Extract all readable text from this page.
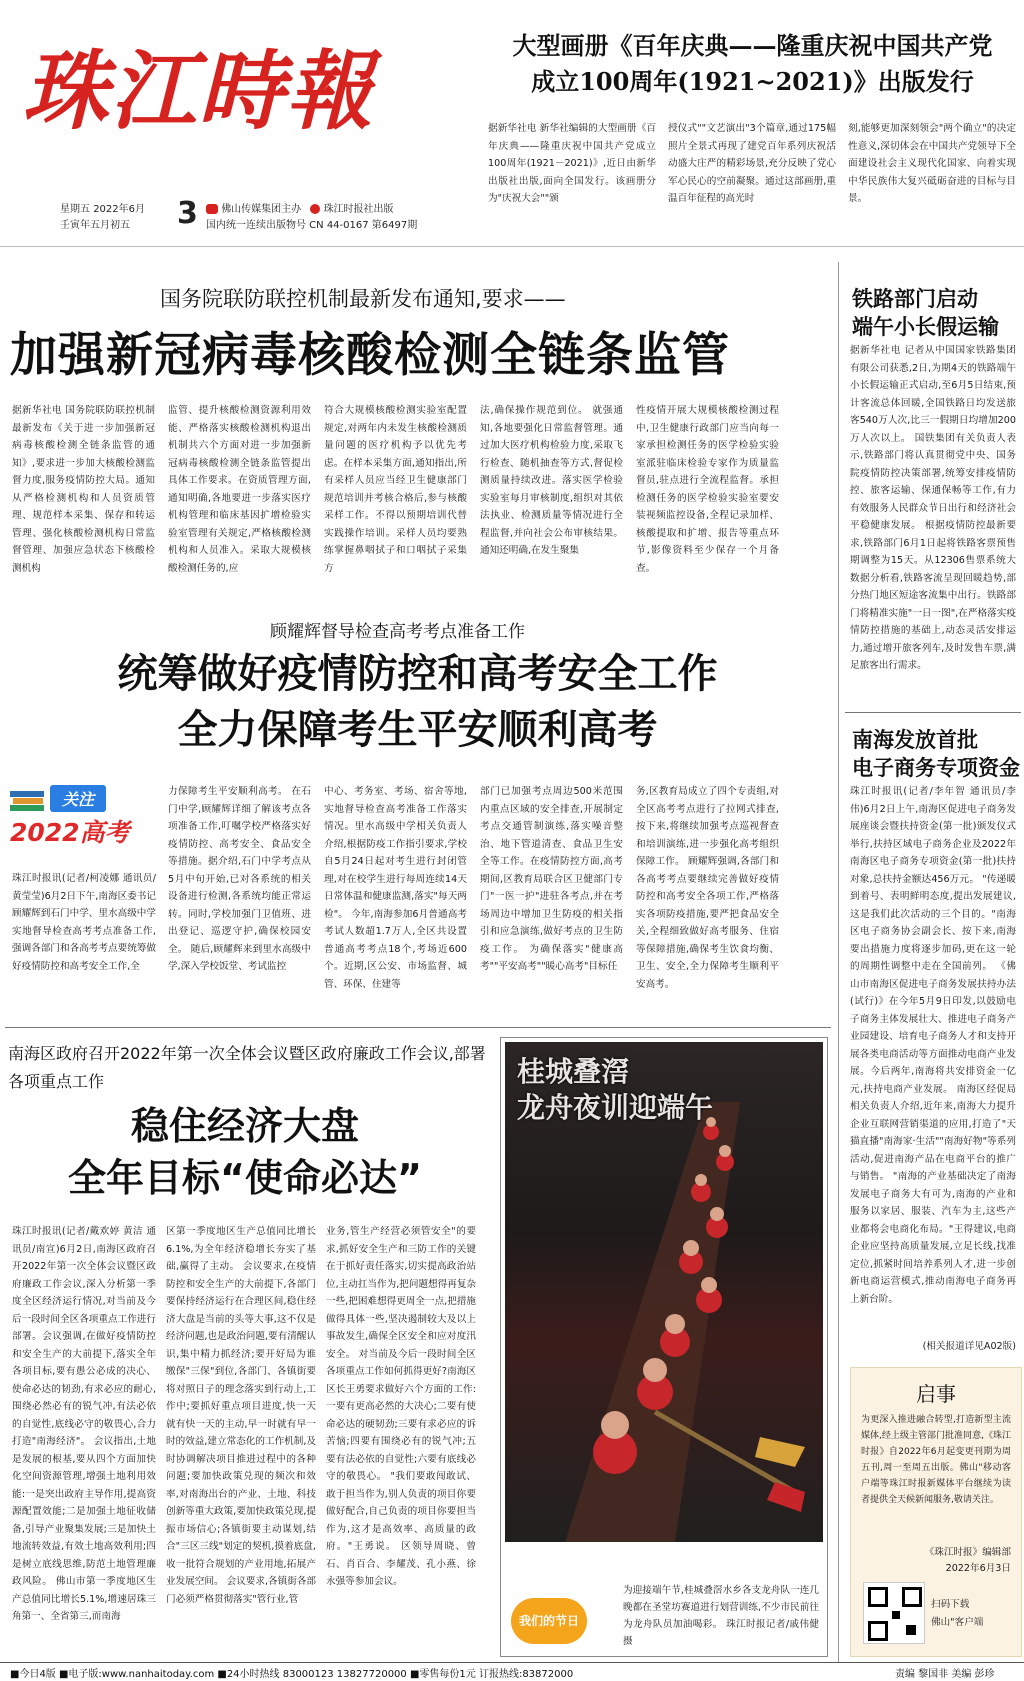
珠江時報
星期五 2022年6月
壬寅年五月初五 3	佛山传媒集团主办 珠江时报社出版
国内统一连续出版物号 CN 44-0167 第6497期
大型画册《百年庆典——隆重庆祝中国共产党
成立100周年(1921~2021)》出版发行
据新华社电 新华社编辑的大型画册《百年庆典——隆重庆祝中国共产党成立100周年(1921－2021)》,近日由新华出版社出版,面向全国发行。该画册分为"庆祝大会""颁
授仪式""文艺演出"3个篇章,通过175幅照片全景式再现了建党百年系列庆祝活动盛大庄严的精彩场景,充分反映了党心军心民心的空前凝聚。通过这部画册,重温百年征程的高光时
刻,能够更加深刻领会"两个确立"的决定性意义,深切体会在中国共产党领导下全面建设社会主义现代化国家、向着实现中华民族伟大复兴砥砺奋进的目标与目景。
国务院联防联控机制最新发布通知,要求——
加强新冠病毒核酸检测全链条监管
据新华社电 国务院联防联控机制最新发布《关于进一步加强新冠病毒核酸检测全链条监管的通知》,要求进一步加大核酸检测监督力度,服务疫情防控大局。通知从严格检测机构和人员资质管理、规范样本采集、保存和转运管理、强化核酸检测机构日常监督管理、加强应急状态下核酸检测机构
监管、提升核酸检测资源利用效能、严格落实核酸检测机构退出机制共六个方面对进一步加强新冠病毒核酸检测全链条监管提出具体工作要求。在资质管理方面,通知明确,各地要进一步落实医疗机构管理和临床基因扩增检验实验室管理有关规定,严格核酸检测机构和人员准入。采取大规模核酸检测任务的,应
符合大规模核酸检测实验室配置规定,对两年内未发生核酸检测质量问题的医疗机构予以优先考虑。在样本采集方面,通知指出,所有采样人员应当经卫生健康部门规范培训并考核合格后,参与核酸采样工作。不得以预期培训代替实践操作培训。采样人员均要熟练掌握鼻咽拭子和口咽拭子采集方
法,确保操作规范到位。 就强通知,各地要强化日常监督管理。通过加大医疗机构检验力度,采取飞行检查、随机抽查等方式,督促检测质量持续改进。落实医学检验实验室每月审核制度,组织对其依法执业、检测质量等情况进行全程监督,并向社会公布审核结果。 通知还明确,在发生聚集
性疫情开展大规模核酸检测过程中,卫生健康行政部门应当向每一家承担检测任务的医学检验实验室派驻临床检验专家作为质量监督员,驻点进行全流程监督。承担检测任务的医学检验实验室要安装视频监控设备,全程记录加样、核酸提取和扩增、报告等重点环节,影像资料至少保存一个月备查。
铁路部门启动
端午小长假运输
据新华社电 记者从中国国家铁路集团有限公司获悉,2日,为期4天的铁路端午小长假运输正式启动,至6月5日结束,预计客流总体回暖,全国铁路日均发送旅客540万人次,比三一假期日均增加200万人次以上。 国铁集团有关负责人表示,铁路部门将认真贯彻党中央、国务院疫情防控决策部署,统筹安排疫情防控、旅客运输、保通保畅等工作,有力有效服务人民群众节日出行和经济社会平稳健康发展。 根据疫情防控最新要求,铁路部门6月1日起将铁路客票预售期调整为15天。从12306售票系统大数据分析看,铁路客流呈现回暖趋势,部分热门地区短途客流集中出行。铁路部门将精准实施"一日一图",在严格落实疫情防控措施的基础上,动态灵活安排运力,通过增开旅客列车,及时发售车票,满足旅客出行需求。
顾耀辉督导检查高考考点准备工作
统筹做好疫情防控和高考安全工作
全力保障考生平安顺利高考
关注
2022高考
珠江时报讯(记者/柯凌娜 通讯员/黄莹莹)6月2日下午,南海区委书记顾耀辉到石门中学、里水高级中学实地督导检查高考考点准备工作,强调各部门和各高考考点要统筹做好疫情防控和高考安全工作,全
力保障考生平安顺利高考。 在石门中学,顾耀辉详细了解该考点各项准备工作,叮嘱学校严格落实好疫情防控、高考安全、食品安全等措施。据介绍,石门中学考点从5月中旬开始,已对各系统的相关设备进行检测,各系统均能正常运转。同时,学校加强门卫值班、进出登记、巡逻守护,确保校园安全。 随后,顾耀辉来到里水高级中学,深入学校饭堂、考试监控
中心、考务室、考场、宿舍等地,实地督导检查高考准备工作落实情况。里水高级中学相关负责人介绍,根据防疫工作指引要求,学校自5月24日起对考生进行封闭管理,对在校学生进行每周连续14天日常体温和健康监测,落实"每天两检"。 今年,南海参加6月普通高考考试人数超1.7万人,全区共设置普通高考考点18个,考场近600个。近期,区公安、市场监督、城管、环保、住建等
部门已加强考点周边500米范围内重点区域的安全排查,开展制定考点交通管制演练,落实噪音整治、地下管道清查、食品卫生安全等工作。在疫情防控方面,高考期间,区教育局联合区卫健部门专门"一医一护"进驻各考点,并在考场周边中增加卫生防疫的相关指引和应急演练,做好考点的卫生防疫工作。 为确保落实"健康高考""平安高考""暖心高考"目标任
务,区教育局成立了四个专责组,对全区高考考点进行了拉网式排查,按下来,将继续加强考点巡视督查和培训演练,进一步强化高考组织保障工作。 顾耀辉强调,各部门和各高考考点要继续完善做好疫情防控和高考安全各项工作,严格落实各项防疫措施,要严把食品安全关,全程细致做好高考服务、住宿等保障措施,确保考生饮食均衡、卫生、安全,全力保障考生顺利平安高考。
南海发放首批
电子商务专项资金
珠江时报讯(记者/李年智 通讯员/李伟)6月2日上午,南海区促进电子商务发展座谈会暨扶持资金(第一批)颁发仪式举行,扶持区域电子商务企业及2022年南海区电子商务专项资金(第一批)扶持对象,总扶持金额达456万元。 "传递暖到着号、表明鲜明态度,提出发展建议,这是我们此次活动的三个目的。"南海区电子商务协会副会长、按下来,南海要出措施力度将逐步加码,更在这一轮的周期性调整中走在全国前列。 《佛山市南海区促进电子商务发展扶持办法(试行)》在今年5月9日印发,以鼓励电子商务主体发展壮大、推进电子商务产业园建设、培育电子商务人才和支持开展各类电商活动等方面推动电商产业发展。今后两年,南海将共安排资金一亿元,扶持电商产业发展。 南海区经促局相关负责人介绍,近年来,南海大力提升企业互联网营销渠道的应用,打造了"天猫直播"南海家·生活""南海好物"等系列活动,促进南海产品在电商平台的推广与销售。 "南海的产业基础决定了南海发展电子商务大有可为,南海的产业和服务以家居、服装、汽车为主,这些产业都将会电商化布局。"王得建议,电商企业应坚持高质量发展,立足长线,找准定位,抓紧时间培养系列人才,进一步创新电商运营模式,推动南海电子商务再上新台阶。
(相关报道详见A02版)
南海区政府召开2022年第一次全体会议暨区政府廉政工作会议,部署各项重点工作
稳住经济大盘
全年目标“使命必达”
珠江时报讯(记者/戴欢婷 黄洁 通讯员/南宣)6月2日,南海区政府召开2022年第一次全体会议暨区政府廉政工作会议,深入分析第一季度全区经济运行情况,对当前及今后一段时间全区各项重点工作进行部署。会议强调,在做好疫情防控和安全生产的大前提下,落实全年各项目标,要有愚公必成的决心、使命必达的韧劲,有求必应的耐心,围绕必然必有的锐气冲,有法必依的自觉性,底线必守的敬畏心,合力打造"南海经济"。 会议指出,土地是发展的根基,要从四个方面加快化空间资源管理,增强土地利用效能:一是突出政府主导作用,提高资源配置效能;二是加强土地征收储备,引导产业聚集发展;三是加快土地流转效益,有效土地高效利用;四是树立底线思维,防范土地管理廉政风险。 佛山市第一季度地区生产总值同比增长5.1%,增速居珠三角第一、全省第三,而南海
区第一季度地区生产总值同比增长6.1%,为全年经济稳增长夯实了基础,赢得了主动。 会议要求,在疫情防控和安全生产的大前提下,各部门要保持经济运行在合理区间,稳住经济大盘是当前的头等大事,这不仅是经济问题,也是政治问题,要有清醒认识,集中精力抓经济;要开好局为谁缴保"三保"到位,各部门、各镇街要将对照日子的理念落实到行动上,工作中;要抓好重点项目进度,快一天就有快一天的主动,早一时就有早一时的效益,建立常态化的工作机制,及时协调解决项目推进过程中的各种问题;要加快政策兑现的频次和效率,对南海出台的产业、土地、科技创新等重大政策,要加快政策兑现,提振市场信心;各镇街要主动谋划,结合"三区三线"划定的契机,摸着底盘,收一批符合规划的产业用地,拓展产业发展空间。 会议要求,各镇街各部门必须严格贯彻落实"管行业,管
业务,管生产经营必须管安全"的要求,抓好安全生产和三防工作的关键在于抓好责任落实,切实提高政治站位,主动扛当作为,把问题想得再复杂一些,把困难想得更周全一点,把措施做得具体一些,坚决遏制较大及以上事故发生,确保全区安全和应对度汛安全。 对当前及今后一段时间全区各项重点工作如何抓得更好?南海区区长王勇要求做好六个方面的工作:一要有更高必然的大决心;二要有使命必达的硬韧劲;三要有求必应的诉苦恼;四要有围绕必有的锐气冲;五要有法必依的自觉性;六要有底线必守的敬畏心。 "我们要敢闯敢试、敢于担当作为,别人负责的项目你要做好配合,自己负责的项目你要担当作为,这才是高效率、高质量的政府。"王勇说。 区领导周晓、曾石、肖百合、李耀茂、孔小燕、徐永强等参加会议。
桂城叠滘
龙舟夜训迎端午
我们的节日
为迎接端午节,桂城叠滘水乡各支龙舟队一连几晚都在圣堂坊赛道进行划营训练,不少市民前往为龙舟队员加油喝彩。 珠江时报记者/戚伟健 摄
启事
为更深入推进融合转型,打造新型主流媒体,经上级主管部门批准同意,《珠江时报》自2022年6月起变更刊期为周五刊,周一至周五出版。佛山"移动客户端等珠江时报新媒体平台继续为读者提供全天候新闻服务,敬请关注。
《珠江时报》编辑部
2022年6月3日
扫码下载
佛山"客户端
■今日4版 ■电子版:www.nanhaitoday.com ■24小时热线 83000123 13827720000 ■零售每份1元 订报热线:83872000	责编 黎国非 美编 彭珍
